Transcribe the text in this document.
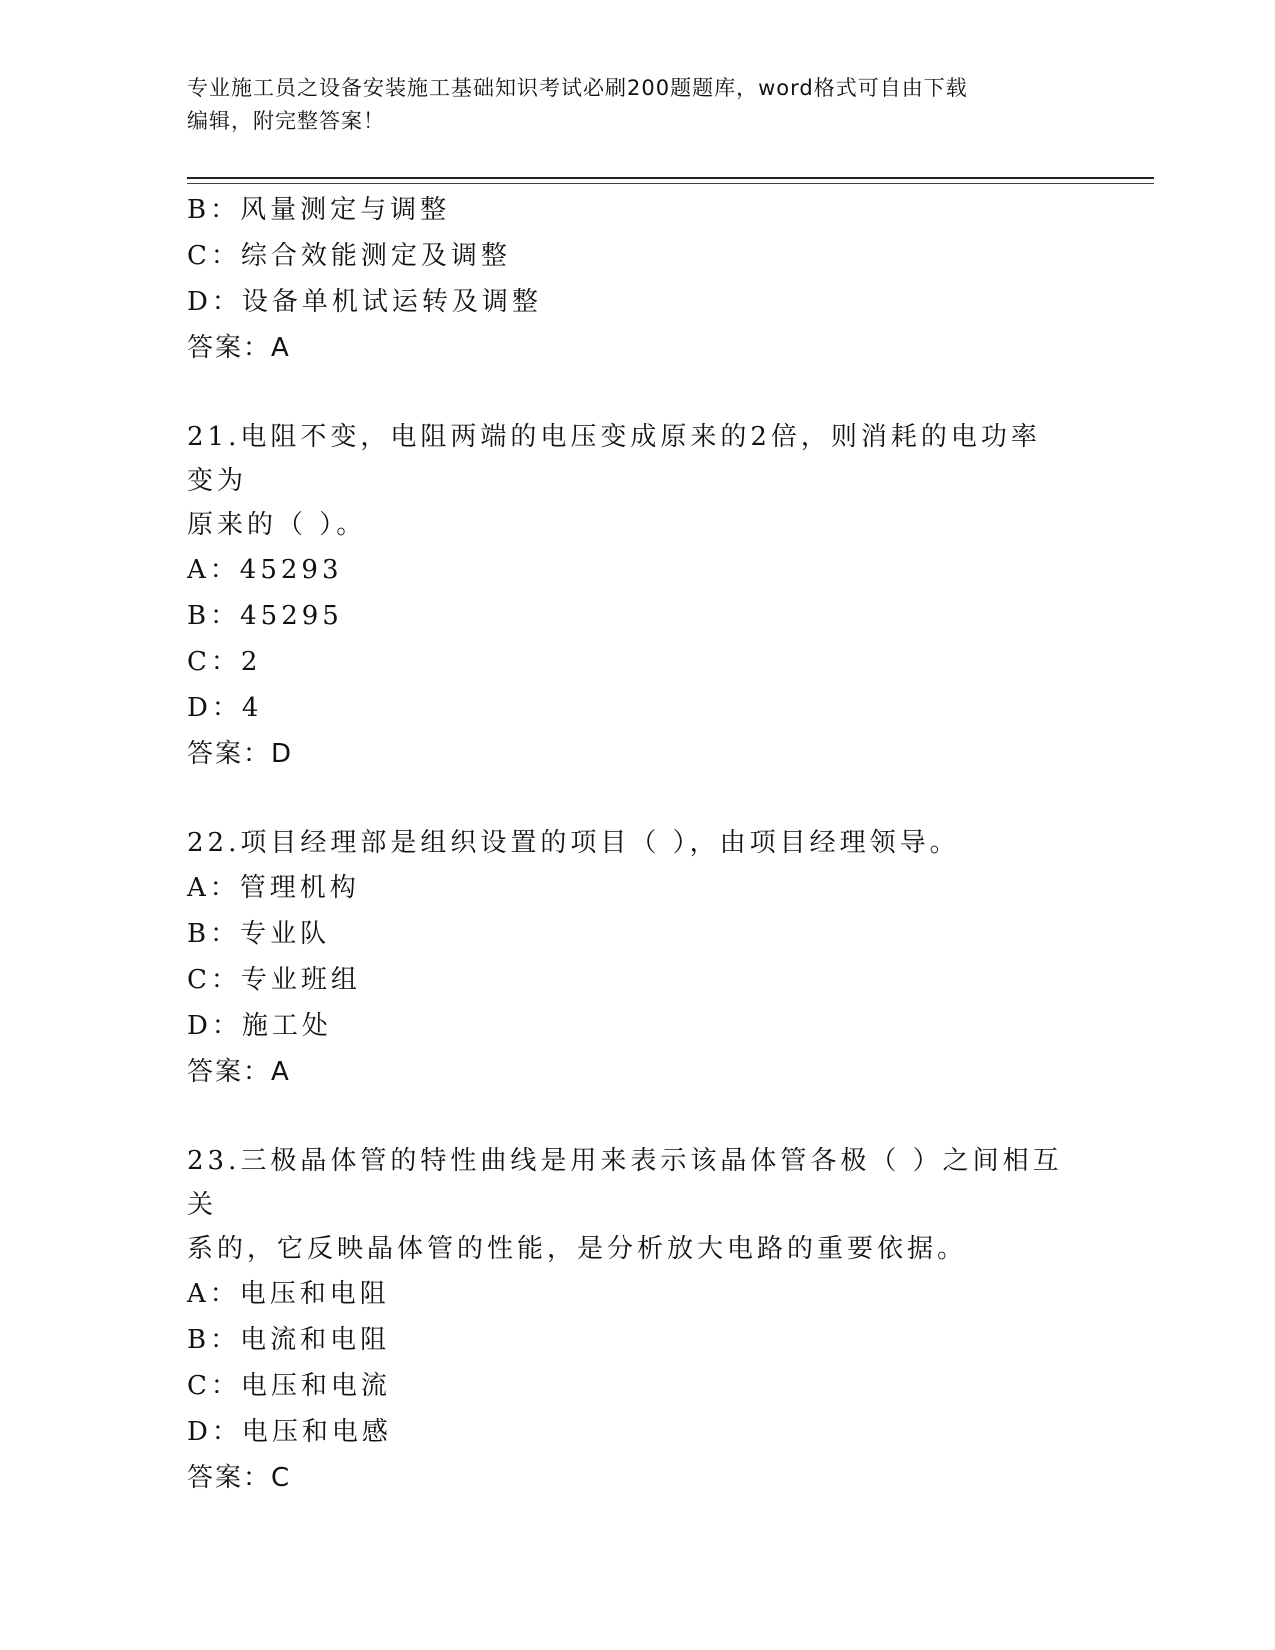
专业施工员之设备安装施工基础知识考试必刷200题题库，word格式可自由下载
编辑，附完整答案！
B：风量测定与调整
C：综合效能测定及调整
D：设备单机试运转及调整
答案：A
21.电阻不变，电阻两端的电压变成原来的2倍，则消耗的电功率变为
原来的（ ）。
A：45293
B：45295
C：2
D：4
答案：D
22.项目经理部是组织设置的项目（ ），由项目经理领导。
A：管理机构
B：专业队
C：专业班组
D：施工处
答案：A
23.三极晶体管的特性曲线是用来表示该晶体管各极（ ）之间相互关
系的，它反映晶体管的性能，是分析放大电路的重要依据。
A：电压和电阻
B：电流和电阻
C：电压和电流
D：电压和电感
答案：C
